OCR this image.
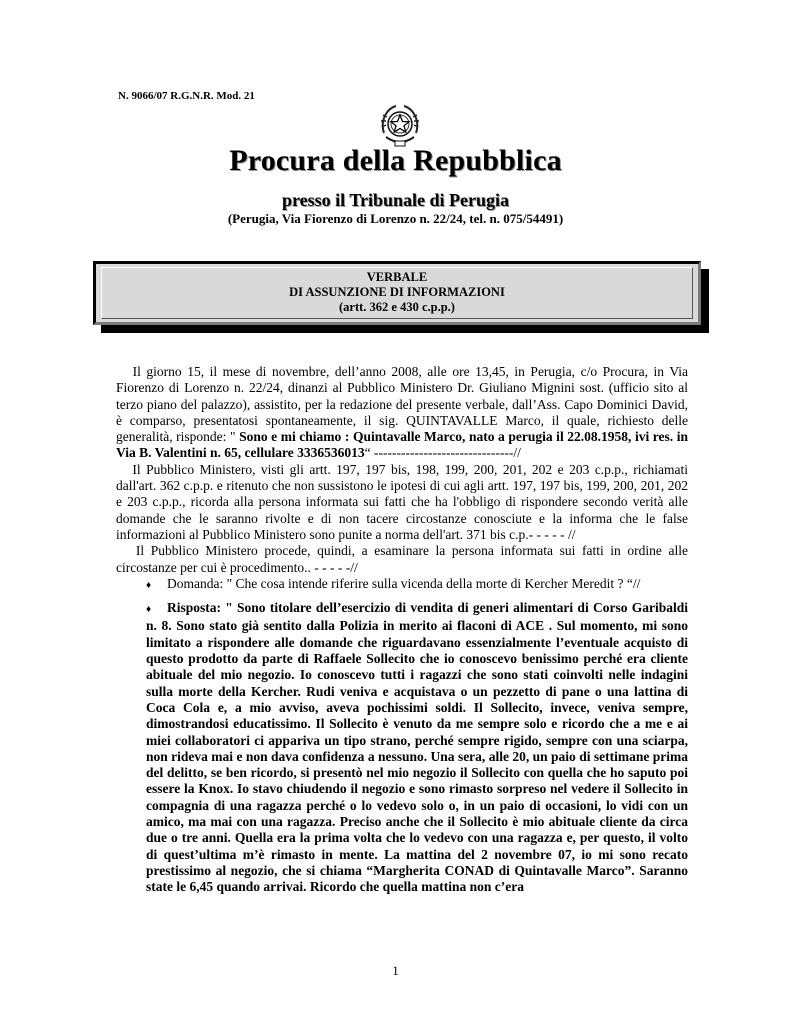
N. 9066/07 R.G.N.R. Mod. 21
Procura della Repubblica
presso il Tribunale di Perugia
(Perugia, Via Fiorenzo di Lorenzo n. 22/24, tel. n. 075/54491)
VERBALE
DI ASSUNZIONE DI INFORMAZIONI
(artt. 362 e 430 c.p.p.)

Il giorno 15, il mese di novembre, dell’anno 2008, alle ore 13,45, in Perugia, c/o Procura, in Via Fiorenzo di Lorenzo n. 22/24, dinanzi al Pubblico Ministero Dr. Giuliano Mignini sost. (ufficio sito al terzo piano del palazzo), assistito, per la redazione del presente verbale, dall’Ass. Capo Dominici David, è comparso, presentatosi spontaneamente, il sig. QUINTAVALLE Marco, il quale, richiesto delle generalità, risponde: " Sono e mi chiamo : Quintavalle Marco, nato a perugia il 22.08.1958, ivi res. in Via B. Valentini n. 65, cellulare 3336536013“ -------------------------------//

Il Pubblico Ministero, visti gli artt. 197, 197 bis, 198, 199, 200, 201, 202 e 203 c.p.p., richiamati dall'art. 362 c.p.p. e ritenuto che non sussistono le ipotesi di cui agli artt. 197, 197 bis, 199, 200, 201, 202 e 203 c.p.p., ricorda alla persona informata sui fatti che ha l'obbligo di rispondere secondo verità alle domande che le saranno rivolte e di non tacere circostanze conosciute e la informa che le false informazioni al Pubblico Ministero sono punite a norma dell'art. 371 bis c.p.- - - - - //

Il Pubblico Ministero procede, quindi, a esaminare la persona informata sui fatti in ordine alle circostanze per cui è procedimento.. - - - - -//

♦ Domanda: " Che cosa intende riferire sulla vicenda della morte di Kercher Meredit ? “//

♦ Risposta: " Sono titolare dell’esercizio di vendita di generi alimentari di Corso Garibaldi n. 8. Sono stato già sentito dalla Polizia in merito ai flaconi di ACE . Sul momento, mi sono limitato a rispondere alle domande che riguardavano essenzialmente l’eventuale acquisto di questo prodotto da parte di Raffaele Sollecito che io conoscevo benissimo perché era cliente abituale del mio negozio. Io conoscevo tutti i ragazzi che sono stati coinvolti nelle indagini sulla morte della Kercher. Rudi veniva e acquistava o un pezzetto di pane o una lattina di Coca Cola e, a mio avviso, aveva pochissimi soldi. Il Sollecito, invece, veniva sempre, dimostrandosi educatissimo. Il Sollecito è venuto da me sempre solo e ricordo che a me e ai miei collaboratori ci appariva un tipo strano, perché sempre rigido, sempre con una sciarpa, non rideva mai e non dava confidenza a nessuno. Una sera, alle 20, un paio di settimane prima del delitto, se ben ricordo, si presentò nel mio negozio il Sollecito con quella che ho saputo poi essere la Knox. Io stavo chiudendo il negozio e sono rimasto sorpreso nel vedere il Sollecito in compagnia di una ragazza perché o lo vedevo solo o, in un paio di occasioni, lo vidi con un amico, ma mai con una ragazza. Preciso anche che il Sollecito è mio abituale cliente da circa due o tre anni. Quella era la prima volta che lo vedevo con una ragazza e, per questo, il volto di quest’ultima m’è rimasto in mente. La mattina del 2 novembre 07, io mi sono recato prestissimo al negozio, che si chiama “Margherita CONAD di Quintavalle Marco”. Saranno state le 6,45 quando arrivai. Ricordo che quella mattina non c’era

1
